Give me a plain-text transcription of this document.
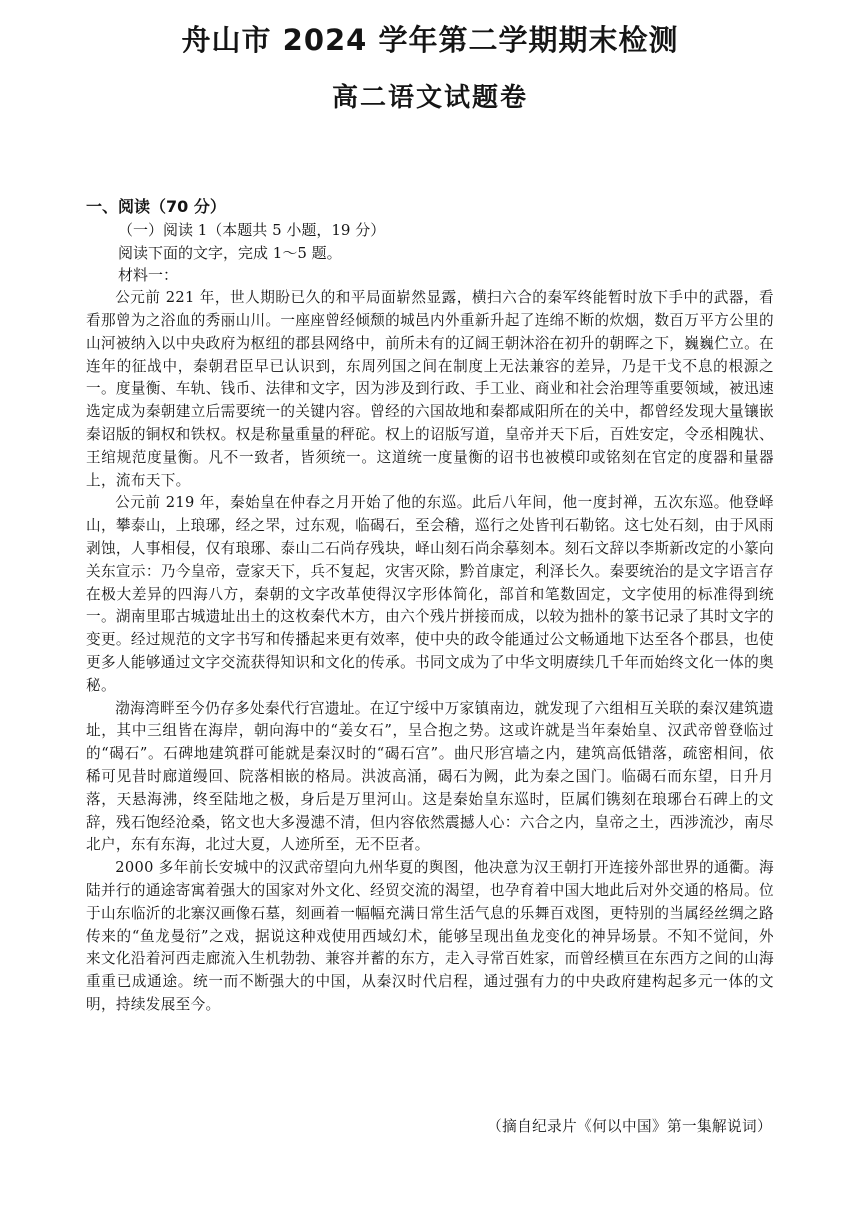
舟山市 2024 学年第二学期期末检测
高二语文试题卷
一、阅读（70 分）
（一）阅读 1（本题共 5 小题，19 分）
阅读下面的文字，完成 1～5 题。
材料一：

公元前 221 年，世人期盼已久的和平局面崭然显露，横扫六合的秦军终能暂时放下手中的武器，看看那曾为之浴血的秀丽山川。一座座曾经倾颓的城邑内外重新升起了连绵不断的炊烟，数百万平方公里的山河被纳入以中央政府为枢纽的郡县网络中，前所未有的辽阔王朝沐浴在初升的朝晖之下，巍巍伫立。在连年的征战中，秦朝君臣早已认识到，东周列国之间在制度上无法兼容的差异，乃是干戈不息的根源之一。度量衡、车轨、钱币、法律和文字，因为涉及到行政、手工业、商业和社会治理等重要领域，被迅速选定成为秦朝建立后需要统一的关键内容。曾经的六国故地和秦都咸阳所在的关中，都曾经发现大量镶嵌秦诏版的铜权和铁权。权是称量重量的秤砣。权上的诏版写道，皇帝并天下后，百姓安定，令丞相隗状、王绾规范度量衡。凡不一致者，皆须统一。这道统一度量衡的诏书也被模印或铭刻在官定的度器和量器上，流布天下。

公元前 219 年，秦始皇在仲春之月开始了他的东巡。此后八年间，他一度封禅，五次东巡。他登峄山，攀泰山，上琅琊，经之罘，过东观，临碣石，至会稽，巡行之处皆刊石勒铭。这七处石刻，由于风雨剥蚀，人事相侵，仅有琅琊、泰山二石尚存残块，峄山刻石尚余摹刻本。刻石文辞以李斯新改定的小篆向关东宣示：乃今皇帝，壹家天下，兵不复起，灾害灭除，黔首康定，利泽长久。秦要统治的是文字语言存在极大差异的四海八方，秦朝的文字改革使得汉字形体简化，部首和笔数固定，文字使用的标准得到统一。湖南里耶古城遗址出土的这枚秦代木方，由六个残片拼接而成，以较为拙朴的篆书记录了其时文字的变更。经过规范的文字书写和传播起来更有效率，使中央的政令能通过公文畅通地下达至各个郡县，也使更多人能够通过文字交流获得知识和文化的传承。书同文成为了中华文明赓续几千年而始终文化一体的奥秘。

渤海湾畔至今仍存多处秦代行宫遗址。在辽宁绥中万家镇南边，就发现了六组相互关联的秦汉建筑遗址，其中三组皆在海岸，朝向海中的“姜女石”，呈合抱之势。这或许就是当年秦始皇、汉武帝曾登临过的“碣石”。石碑地建筑群可能就是秦汉时的“碣石宫”。曲尺形宫墙之内，建筑高低错落，疏密相间，依稀可见昔时廊道缦回、院落相嵌的格局。洪波高涌，碣石为阙，此为秦之国门。临碣石而东望，日升月落，天悬海沸，终至陆地之极，身后是万里河山。这是秦始皇东巡时，臣属们镌刻在琅琊台石碑上的文辞，残石饱经沧桑，铭文也大多漫漶不清，但内容依然震撼人心：六合之内，皇帝之土，西涉流沙，南尽北户，东有东海，北过大夏，人迹所至，无不臣者。

2000 多年前长安城中的汉武帝望向九州华夏的舆图，他决意为汉王朝打开连接外部世界的通衢。海陆并行的通途寄寓着强大的国家对外文化、经贸交流的渴望，也孕育着中国大地此后对外交通的格局。位于山东临沂的北寨汉画像石墓，刻画着一幅幅充满日常生活气息的乐舞百戏图，更特别的当属经丝绸之路传来的“鱼龙曼衍”之戏，据说这种戏使用西域幻术，能够呈现出鱼龙变化的神异场景。不知不觉间，外来文化沿着河西走廊流入生机勃勃、兼容并蓄的东方，走入寻常百姓家，而曾经横亘在东西方之间的山海重重已成通途。统一而不断强大的中国，从秦汉时代启程，通过强有力的中央政府建构起多元一体的文明，持续发展至今。

（摘自纪录片《何以中国》第一集解说词）
